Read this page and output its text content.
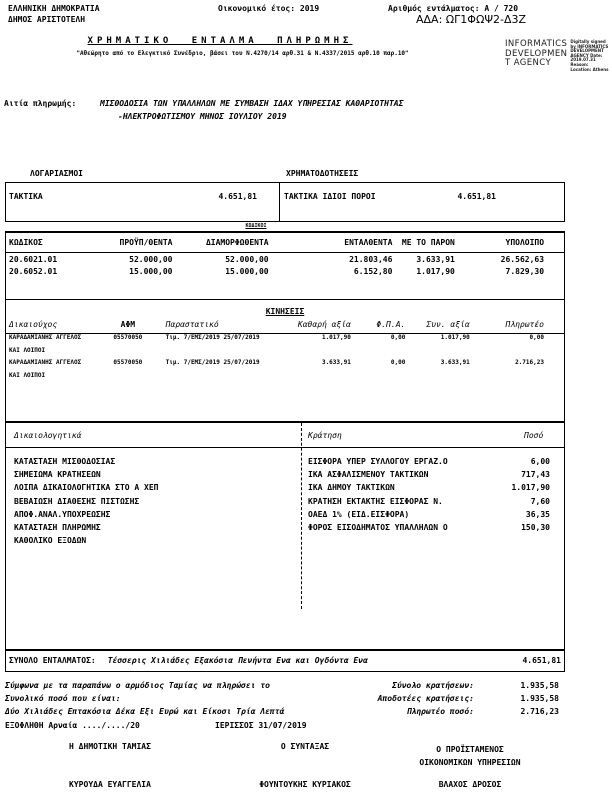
ΕΛΛΗΝΙΚΗ ΔΗΜΟΚΡΑΤΙΑ
ΔΗΜΟΣ ΑΡΙΣΤΟΤΕΛΗ
Οικονομικό έτος: 2019	Αριθμός εντάλματος: Α / 720
ΑΔΑ: ΩΓ1ΦΩΨ2-Δ3Ζ
ΧΡΗΜΑΤΙΚΟ ΕΝΤΑΛΜΑ ΠΛΗΡΩΜΗΣ
"Αθεώρητο από το Ελεγκτικό Συνέδριο, βάσει του Ν.4270/14 αρθ.31 & Ν.4337/2015 αρθ.10 παρ.10"
INFORMATICS
DEVELOPMEN
T AGENCY
Digitally signed by INFORMATICS DEVELOPMENT AGENCY Date: 2019.07.31 Reason: Location: Athens
Αιτία πληρωμής:	ΜΙΣΘΟΔΟΣΙΑ ΤΩΝ ΥΠΑΛΛΗΛΩΝ ΜΕ ΣΥΜΒΑΣΗ ΙΔΑΧ ΥΠΗΡΕΣΙΑΣ ΚΑΘΑΡΙΟΤΗΤΑΣ
-ΗΛΕΚΤΡΟΦΩΤΙΣΜΟΥ ΜΗΝΟΣ ΙΟΥΛΙΟΥ 2019
ΛΟΓΑΡΙΑΣΜΟΙ	ΧΡΗΜΑΤΟΔΟΤΗΣΕΙΣ
ΤΑΚΤΙΚΑ	4.651,81	ΤΑΚΤΙΚΑ ΙΔΙΟΙ ΠΟΡΟΙ	4.651,81
ΚΩΔΙΚΟΙ
ΚΩΔΙΚΟΣ	ΠΡΟΫΠ/ΘΕΝΤΑ	ΔΙΑΜΟΡΦΩΘΕΝΤΑ	ΕΝΤΑΛΘΕΝΤΑ	ΜΕ ΤΟ ΠΑΡΟΝ	ΥΠΟΛΟΙΠΟ
20.6021.01	52.000,00	52.000,00	21.803,46	3.633,91	26.562,63
20.6052.01	15.000,00	15.000,00	6.152,80	1.017,90	7.829,30
ΚΙΝΗΣΕΙΣ
Δικαιούχος	ΑΦΜ	Παραστατικό	Καθαρή αξία	Φ.Π.Α.	Συν. αξία	Πληρωτέο
ΚΑΡΑΔΑΜΙΑΝΗΣ ΑΓΓΕΛΟΣ	05570050	Τιμ. 7/ΕΜΣ/2019 25/07/2019	1.017,90	0,00	1.017,90	0,00
ΚΑΙ ΛΟΙΠΟΙ
ΚΑΡΑΔΑΜΙΑΝΗΣ ΑΓΓΕΛΟΣ	05570050	Τιμ. 7/ΕΜΣ/2019 25/07/2019	3.633,91	0,00	3.633,91	2.716,23
ΚΑΙ ΛΟΙΠΟΙ
Δικαιολογητικά	Κράτηση	Ποσό
ΚΑΤΑΣΤΑΣΗ ΜΙΣΘΟΔΟΣΙΑΣ
ΣΗΜΕΙΩΜΑ ΚΡΑΤΗΣΕΩΝ
ΛΟΙΠΑ ΔΙΚΑΙΟΛΟΓΗΤΙΚΑ ΣΤΟ Α ΧΕΠ
ΒΕΒΑΙΩΣΗ ΔΙΑΘΕΣΗΣ ΠΙΣΤΩΣΗΣ
ΑΠΟΦ.ΑΝΑΛ.ΥΠΟΧΡΕΩΣΗΣ
ΚΑΤΑΣΤΑΣΗ ΠΛΗΡΩΜΗΣ
ΚΑΘΟΛΙΚΟ ΕΞΟΔΩΝ
ΕΙΣΦΟΡΑ ΥΠΕΡ ΣΥΛΛΟΓΟΥ ΕΡΓΑΖ.Ο	6,00
ΙΚΑ ΑΣΦΑΛΙΣΜΕΝΟΥ ΤΑΚΤΙΚΩΝ	717,43
ΙΚΑ ΔΗΜΟΥ ΤΑΚΤΙΚΩΝ	1.017,90
ΚΡΑΤΗΣΗ ΕΚΤΑΚΤΗΣ ΕΙΣΦΟΡΑΣ Ν.	7,60
ΟΑΕΔ 1% (ΕΙΔ.ΕΙΣΦΟΡΑ)	36,35
ΦΟΡΟΣ ΕΙΣΟΔΗΜΑΤΟΣ ΥΠΑΛΛΗΛΩΝ Ο	150,30
ΣΥΝΟΛΟ ΕΝΤΑΛΜΑΤΟΣ:	Τέσσερις Χιλιάδες Εξακόσια Πενήντα Ενα και Ογδόντα Ενα	4.651,81
Σύμφωνα με τα παραπάνω ο αρμόδιος Ταμίας να πληρώσει το	Σύνολο κρατήσεων:	1.935,58
Συνολικό ποσό που είναι:	Αποδοτέες κρατήσεις:	1.935,58
Δύο Χιλιάδες Επτακόσια Δέκα Εξι Ευρώ και Είκοσι Τρία Λεπτά	Πληρωτέο ποσό:	2.716,23
ΕΞΟΦΛΗΘΗ Αρναία ..../..../20	ΙΕΡΙΣΣΟΣ 31/07/2019
Η ΔΗΜΟΤΙΚΗ ΤΑΜΙΑΣ	Ο ΣΥΝΤΑΞΑΣ	Ο ΠΡΟΪΣΤΑΜΕΝΟΣ
ΟΙΚΟΝΟΜΙΚΩΝ ΥΠΗΡΕΣΙΩΝ
ΚΥΡΟΥΔΑ ΕΥΑΓΓΕΛΙΑ	ΦΟΥΝΤΟΥΚΗΣ ΚΥΡΙΑΚΟΣ	ΒΛΑΧΟΣ ΔΡΟΣΟΣ
